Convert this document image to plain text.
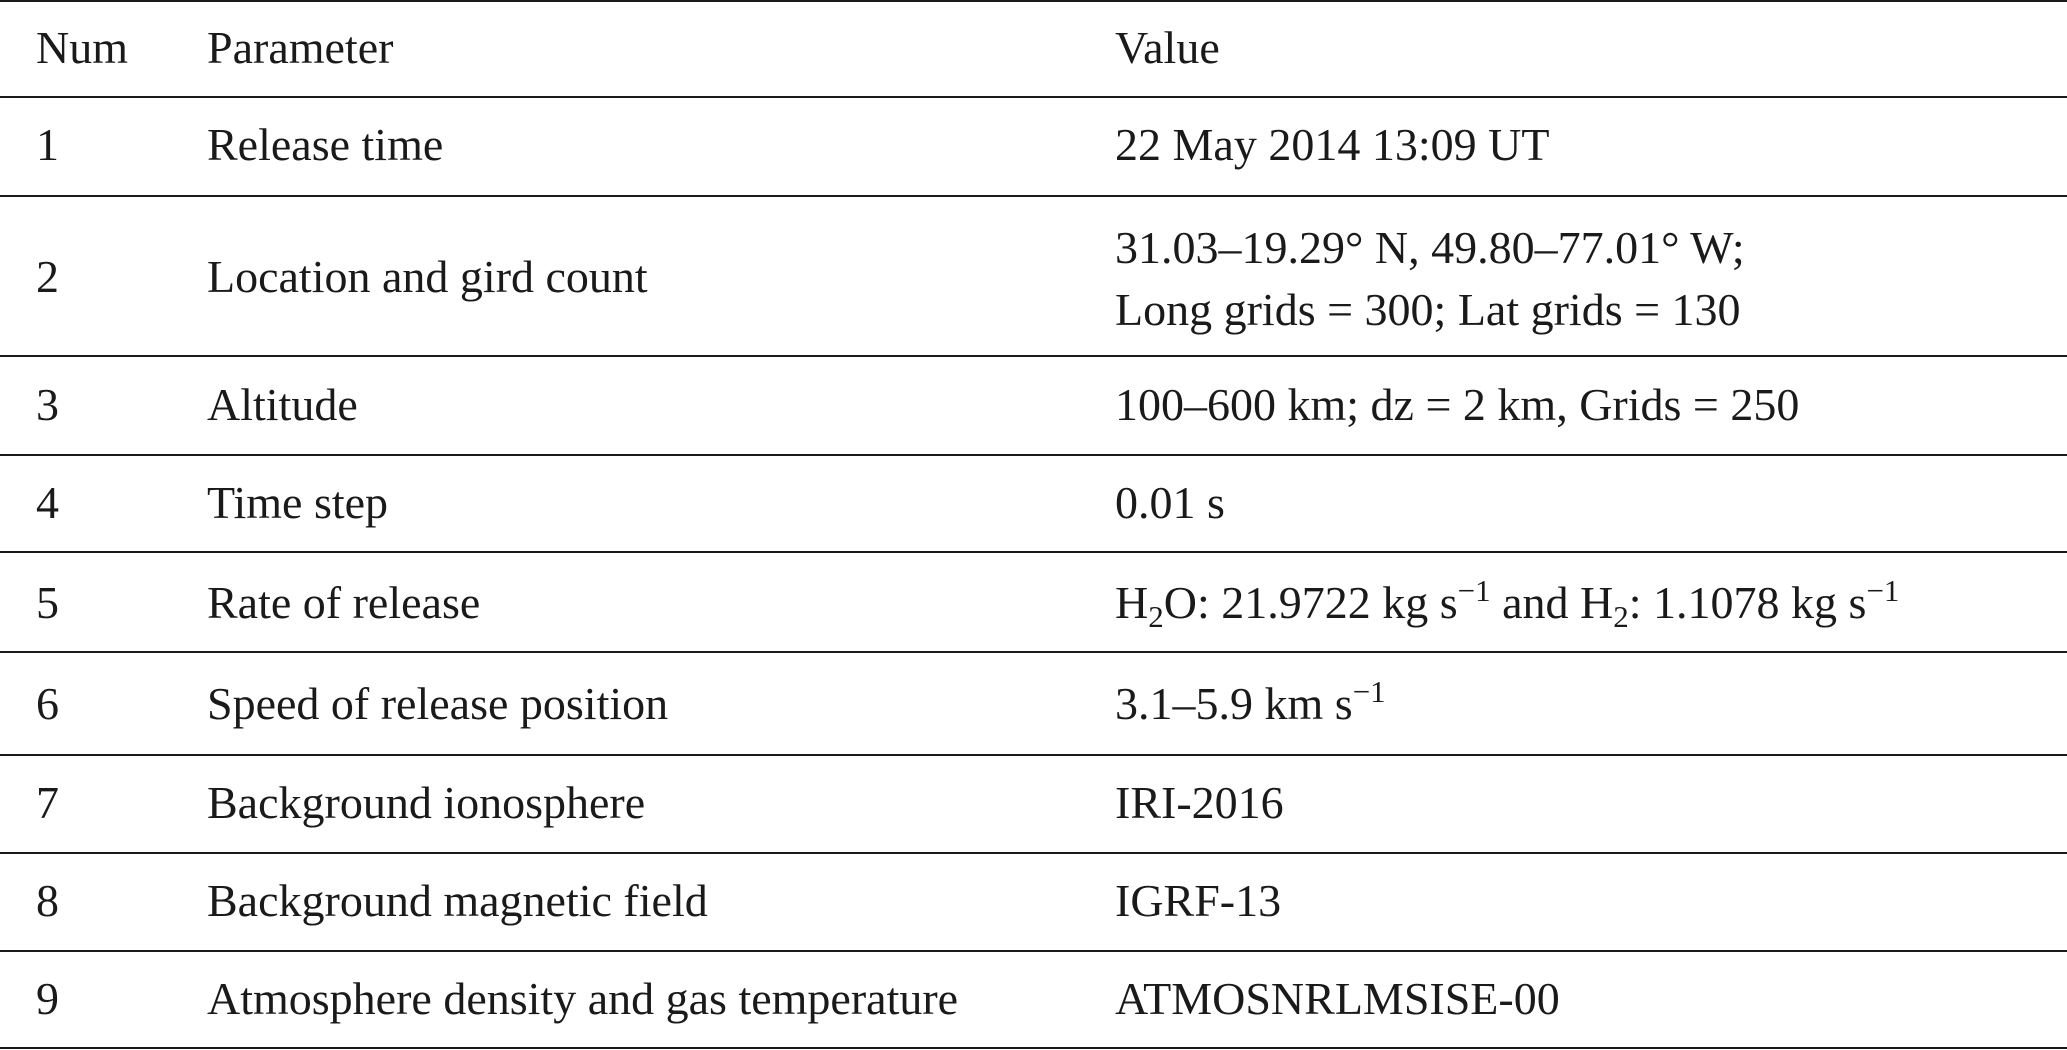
Num Parameter	Value
1	Release time	22 May 2014 13:09 UT
2	Location and gird count
31.03–19.29° N, 49.80–77.01° W;
Long grids = 300; Lat grids = 130
3	Altitude	100–600 km; dz = 2 km, Grids = 250
4	Time step	0.01 s
5	Rate of release	$H_2O$: 21.9722 kg $s^{-1}$ and $H_2$: 1.1078 kg $s^{-1}$
6	Speed of release position	3.1–5.9 km $s^{-1}$
7	Background ionosphere	IRI-2016
8	Background magnetic field	IGRF-13
9	Atmosphere density and gas temperature	ATMOSNRLMSISE-00
